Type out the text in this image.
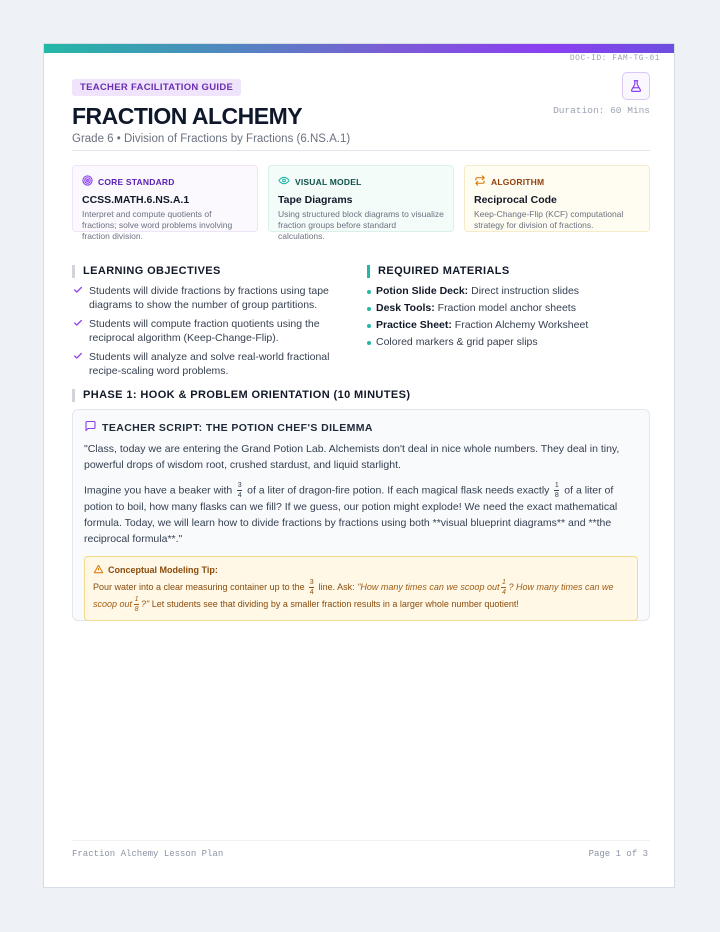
DOC-ID: FAM-TG-01
TEACHER FACILITATION GUIDE
FRACTION ALCHEMY
Grade 6 • Division of Fractions by Fractions (6.NS.A.1)
Duration: 60 Mins
CORE STANDARD
CCSS.MATH.6.NS.A.1
Interpret and compute quotients of fractions; solve word problems involving fraction division.
VISUAL MODEL
Tape Diagrams
Using structured block diagrams to visualize fraction groups before standard calculations.
ALGORITHM
Reciprocal Code
Keep-Change-Flip (KCF) computational strategy for division of fractions.
LEARNING OBJECTIVES
Students will divide fractions by fractions using tape diagrams to show the number of group partitions.
Students will compute fraction quotients using the reciprocal algorithm (Keep-Change-Flip).
Students will analyze and solve real-world fractional recipe-scaling word problems.
REQUIRED MATERIALS
Potion Slide Deck: Direct instruction slides
Desk Tools: Fraction model anchor sheets
Practice Sheet: Fraction Alchemy Worksheet
Colored markers & grid paper slips
PHASE 1: HOOK & PROBLEM ORIENTATION (10 MINUTES)
TEACHER SCRIPT: THE POTION CHEF'S DILEMMA
"Class, today we are entering the Grand Potion Lab. Alchemists don't deal in nice whole numbers. They deal in tiny, powerful drops of wisdom root, crushed stardust, and liquid starlight.
Imagine you have a beaker with $\frac{3}{4}$ of a liter of dragon-fire potion. If each magical flask needs exactly $\frac{1}{8}$ of a liter of potion to boil, how many flasks can we fill? If we guess, our potion might explode! We need the exact mathematical formula. Today, we will learn how to divide fractions by fractions using both **visual blueprint diagrams** and **the reciprocal formula**."
Conceptual Modeling Tip:
Pour water into a clear measuring container up to the $\frac{3}{4}$ line. Ask: "How many times can we scoop out $\frac{1}{4}$ ? How many times can we scoop out $\frac{1}{8}$ ?" Let students see that dividing by a smaller fraction results in a larger whole number quotient!
Fraction Alchemy Lesson Plan	Page 1 of 3
